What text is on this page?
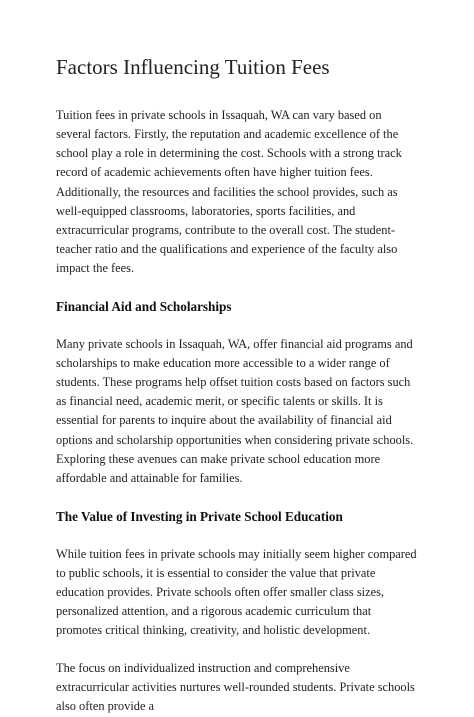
Factors Influencing Tuition Fees

Tuition fees in private schools in Issaquah, WA can vary based on several factors. Firstly, the reputation and academic excellence of the school play a role in determining the cost. Schools with a strong track record of academic achievements often have higher tuition fees. Additionally, the resources and facilities the school provides, such as well-equipped classrooms, laboratories, sports facilities, and extracurricular programs, contribute to the overall cost. The student-teacher ratio and the qualifications and experience of the faculty also impact the fees.

Financial Aid and Scholarships

Many private schools in Issaquah, WA, offer financial aid programs and scholarships to make education more accessible to a wider range of students. These programs help offset tuition costs based on factors such as financial need, academic merit, or specific talents or skills. It is essential for parents to inquire about the availability of financial aid options and scholarship opportunities when considering private schools. Exploring these avenues can make private school education more affordable and attainable for families.

The Value of Investing in Private School Education

While tuition fees in private schools may initially seem higher compared to public schools, it is essential to consider the value that private education provides. Private schools often offer smaller class sizes, personalized attention, and a rigorous academic curriculum that promotes critical thinking, creativity, and holistic development.

The focus on individualized instruction and comprehensive extracurricular activities nurtures well-rounded students. Private schools also often provide a
